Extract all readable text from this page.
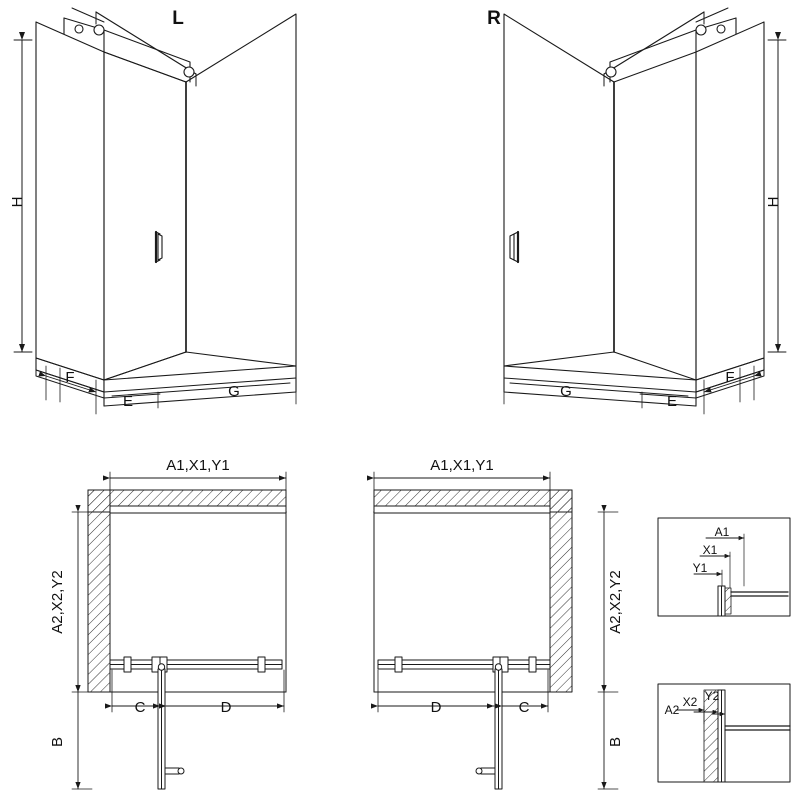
L	R
H	H
F
E
G
F
E
G
A1,X1,Y1
A2,X2,Y2
B
C	D
A1,X1,Y1
A2,X2,Y2
B
D	C
A1
X1
Y1
A2
X2 Y2
